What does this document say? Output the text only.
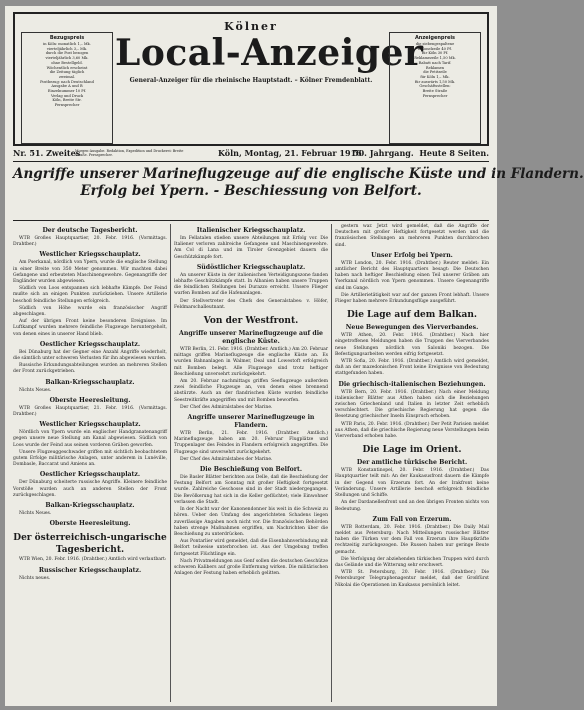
Bezugspreis
in Köln: monatlich 1,– Mk.
vierteljährlich 3,– Mk.
durch die Post bezogen
vierteljährlich 3,60 Mk.
ohne Bestellgeld.
Wöchentlich erscheint
die Zeitung täglich
zweimal.
Postbezug: nach Deutschland
Ausgabe A und B
Einzelnummer 10 Pf.
Verlag und Druck
Köln, Breite Str.
Fernsprecher
Kölner
Local-Anzeiger
General-Anzeiger für die rheinische Hauptstadt. – Kölner Fremdenblatt.
Anzeigenpreis
die siebengespaltene
Kolonelzeile 40 Pf.
für Köln 30 Pf.
Reklamezeile 1,50 Mk.
Rabatt nach Tarif.
Reklamen
die Petitzeile
für Köln 1,– Mk.
für auswärts 1,50 Mk.
Geschäftsstellen:
Breite Straße
Fernsprecher
Nr. 51. Zweites
Morgen-Ausgabe. Redaktion, Expedition und Druckerei: Breite Straße. Fernsprecher.	Köln, Montag, 21. Februar 1916
50. Jahrgang. Heute 8 Seiten.
Angriffe unserer Marineflugzeuge auf die englische Küste und in Flandern.
Erfolg bei Ypern. - Beschiessung von Belfort.
Der deutsche Tagesbericht.
WTB Großes Hauptquartier, 20. Febr. 1916. (Vormittags. Drahtber.)
Westlicher Kriegsschauplatz.
Am Pserkanal, nördlich von Ypern, wurde die englische Stellung in einer Breite von 350 Meter genommen. Wir machten dabei Gefangene und erbeuteten Maschinengewehre. Gegenangriffe der Engländer wurden abgewiesen.
Südlich von Loos entspannen sich lebhafte Kämpfe. Der Feind mußte sich an einigen Punkten zurückziehen. Unsere Artillerie beschoß feindliche Stellungen erfolgreich.
Südlich von Höhe wurde ein französischer Angriff abgeschlagen.
Auf der übrigen Front keine besonderen Ereignisse. Im Luftkampf wurden mehrere feindliche Flugzeuge heruntergeholt, von denen eines in unserer Hand blieb.
Oestlicher Kriegsschauplatz.
Bei Dünaburg hat der Gegner eine Anzahl Angriffe wiederholt, die sämtlich unter schweren Verlusten für ihn abgewiesen wurden.
Russische Erkundungsabteilungen wurden an mehreren Stellen der Front zurückgetrieben.
Balkan-Kriegsschauplatz.
Nichts Neues.
Oberste Heeresleitung.
WTB Großes Hauptquartier, 21. Febr. 1916. (Vormittags. Drahtber.)
Westlicher Kriegsschauplatz.
Nördlich von Ypern wurde ein englischer Handgranatenangriff gegen unsere neue Stellung am Kanal abgewiesen. Südlich von Loos wurde der Feind aus seinen vorderen Gräben geworfen.
Unsere Flugzeuggeschwader griffen mit sichtlich beobachtetem gutem Erfolge militärische Anlagen, unter anderem in Lunéville, Dombasle, Baccarat und Amiens an.
Oestlicher Kriegsschauplatz.
Der Dünaburg scheiterte russische Angriffe. Kleinere feindliche Vorstöße wurden auch an anderen Stellen der Front zurückgeschlagen.
Balkan-Kriegsschauplatz.
Nichts Neues.
Oberste Heeresleitung.
Der österreichisch-ungarische Tagesbericht.
WTB Wien, 20. Febr. 1916. (Drahtber.) Amtlich wird verlautbart:
Russischer Kriegsschauplatz.
Nichts neues.
Italienischer Kriegsschauplatz.
Im Fellatalen stießen unsere Abteilungen mit Erfolg vor. Die Italiener verloren zahlreiche Gefangene und Maschinengewehre. Am Col di Lana und im Tiroler Grenzgebiet dauern die Geschützkämpfe fort.
Südöstlicher Kriegsschauplatz.
An unserer Küste in der italienischen Verteidigungszone fanden lebhafte Geschützkämpfe statt. In Albanien haben unsere Truppen die feindlichen Stellungen bei Durazzo erreicht. Unsere Flieger warfen Bomben auf die Hafenanlagen.
Der Stellvertreter des Chefs des Generalstabes: v. Höfer, Feldmarschalleutnant.
Von der Westfront.
Angriffe unserer Marineflugzeuge auf die englische Küste.
WTB Berlin, 21. Febr. 1916. (Drahtber. Amtlich.) Am 20. Februar mittags griffen Marineflugzeuge die englische Küste an. Es wurden Bahnanlagen in Walmer, Deal und Lowestoft erfolgreich mit Bomben belegt. Alle Flugzeuge sind trotz heftiger Beschießung unversehrt zurückgekehrt.
Am 20. Februar nachmittags griffen Seeflugzeuge außerdem zwei feindliche Flugzeuge an, von denen eines brennend abstürzte. Auch an der flandrischen Küste wurden feindliche Seestreitkräfte angegriffen und mit Bomben beworfen.
Der Chef des Admiralstabes der Marine.
Angriffe unserer Marineflugzeuge in Flandern.
WTB Berlin, 21. Febr. 1916. (Drahtber. Amtlich.) Marineflugzeuge haben am 20. Februar Flugplätze und Truppenlager des Feindes in Flandern erfolgreich angegriffen. Die Flugzeuge sind unversehrt zurückgekehrt.
Der Chef des Admiralstabes der Marine.
Die Beschießung von Belfort.
Die Basler Blätter berichten aus Delle, daß die Beschießung der Festung Belfort am Sonntag mit großer Heftigkeit fortgesetzt wurde. Zahlreiche Geschosse sind in der Stadt niedergegangen. Die Bevölkerung hat sich in die Keller geflüchtet; viele Einwohner verlassen die Stadt.
In der Nacht war der Kanonendonner bis weit in die Schweiz zu hören. Ueber den Umfang des angerichteten Schadens liegen zuverlässige Angaben noch nicht vor. Die französischen Behörden haben strenge Maßnahmen ergriffen, um Nachrichten über die Beschießung zu unterdrücken.
Aus Pontarlier wird gemeldet, daß die Eisenbahnverbindung mit Belfort teilweise unterbrochen ist. Aus der Umgebung treffen fortgesetzt Flüchtlinge ein.
Nach Privatmeldungen aus Genf sollen die deutschen Geschütze schweren Kalibers auf große Entfernung wirken. Die militärischen Anlagen der Festung haben erheblich gelitten.
gestern war. Jetzt wird gemeldet, daß die Angriffe der Deutschen mit großer Heftigkeit fortgesetzt werden und die französischen Stellungen an mehreren Punkten durchbrochen sind.
Unser Erfolg bei Ypern.
WTB London, 20. Febr. 1916. (Drahtber.) Reuter meldet: Ein amtlicher Bericht des Hauptquartiers besagt: Die Deutschen haben nach heftiger Beschießung einen Teil unserer Gräben am Yserkanal nördlich von Ypern genommen. Unsere Gegenangriffe sind im Gange.
Die Artillerietätigkeit war auf der ganzen Front lebhaft. Unsere Flieger haben mehrere Erkundungsflüge ausgeführt.
Die Lage auf dem Balkan.
Neue Bewegungen des Vierverbandes.
WTB Athen, 20. Febr. 1916. (Drahtber.) Nach hier eingetroffenen Meldungen haben die Truppen des Vierverbandes neue Stellungen nördlich von Saloniki bezogen. Die Befestigungsarbeiten werden eifrig fortgesetzt.
WTB Sofia, 20. Febr. 1916. (Drahtber.) Amtlich wird gemeldet, daß an der mazedonischen Front keine Ereignisse von Bedeutung stattgefunden haben.
Die griechisch-italienischen Beziehungen.
WTB Bern, 20. Febr. 1916. (Drahtber.) Nach einer Meldung italienischer Blätter aus Athen haben sich die Beziehungen zwischen Griechenland und Italien in letzter Zeit erheblich verschlechtert. Die griechische Regierung hat gegen die Besetzung griechischer Inseln Einspruch erhoben.
WTB Paris, 20. Febr. 1916. (Drahtber.) Der Petit Parisien meldet aus Athen, daß die griechische Regierung neue Vorstellungen beim Vierverband erhoben habe.
Die Lage im Orient.
Der amtliche türkische Bericht.
WTB Konstantinopel, 20. Febr. 1916. (Drahtber.) Das Hauptquartier teilt mit: An der Kaukasusfront dauern die Kämpfe in der Gegend von Erzerum fort. An der Irakfront keine Veränderung. Unsere Artillerie beschoß erfolgreich feindliche Stellungen und Schiffe.
An der Dardanellenfront und an den übrigen Fronten nichts von Bedeutung.
Zum Fall von Erzerum.
WTB Rotterdam, 20. Febr. 1916. (Drahtber.) Die Daily Mail meldet aus Petersburg: Nach Mitteilungen russischer Blätter haben die Türken vor dem Fall von Erzerum ihre Hauptkräfte rechtzeitig zurückgezogen. Die Russen haben nur geringe Beute gemacht.
Die Verfolgung der abziehenden türkischen Truppen wird durch das Gelände und die Witterung sehr erschwert.
WTB St. Petersburg, 20. Febr. 1916. (Drahtber.) Die Petersburger Telegraphenagentur meldet, daß der Großfürst Nikolai die Operationen im Kaukasus persönlich leitet.
